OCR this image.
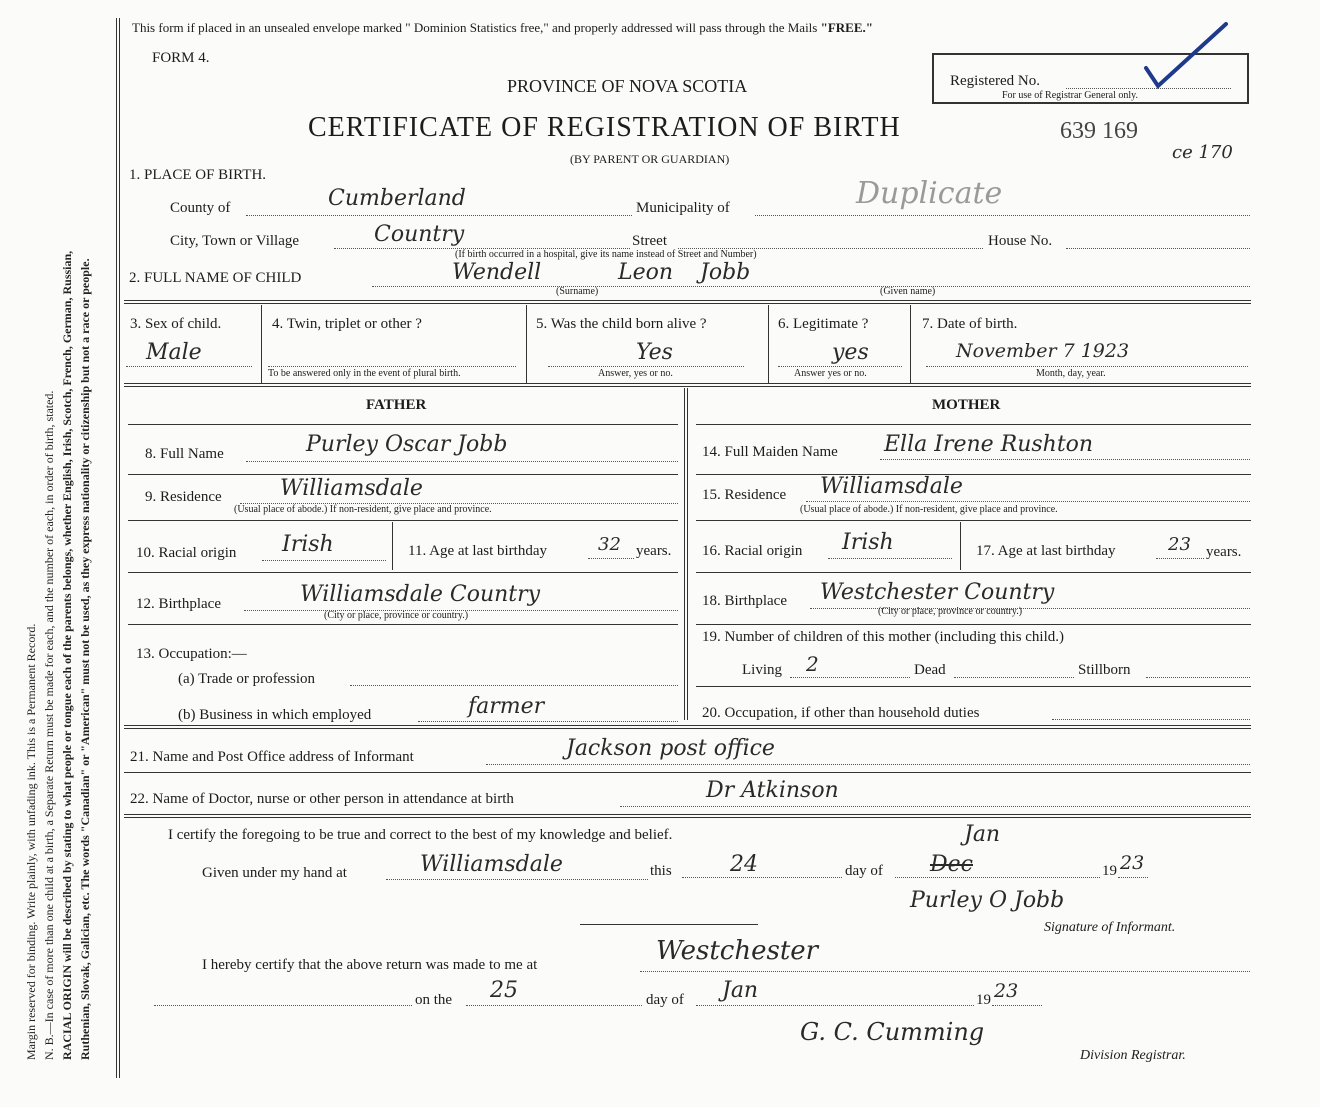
Margin reserved for binding. Write plainly, with unfading ink. This is a Permanent Record. N. B.—In case of more than one child at a birth, a Separate Return must be made for each, and the number of each, in order of birth, stated. RACIAL ORIGIN will be described by stating to what people or tongue each of the parents belongs, whether English, Irish, Scotch, French, German, Russian, Ruthenian, Slovak, Galician, etc. The words "Canadian" or "American" must not be used, as they express nationality or citizenship but not a race or people.
This form if placed in an unsealed envelope marked " Dominion Statistics free," and properly addressed will pass through the Mails "FREE."
FORM 4.
PROVINCE OF NOVA SCOTIA
CERTIFICATE OF REGISTRATION OF BIRTH	639 169
ce 170
(BY PARENT OR GUARDIAN)
Registered No.
For use of Registrar General only.
1. PLACE OF BIRTH.
County of	Cumberland	Municipality of	Duplicate
City, Town or Village	Country	Street
(If birth occurred in a hospital, give its name instead of Street and Number)
House No.
2. FULL NAME OF CHILD	Wendell	Leon Jobb
(Surname)	(Given name)
3. Sex of child.
Male
4. Twin, triplet or other ?
To be answered only in the event of plural birth.
5. Was the child born alive ?
Yes
Answer, yes or no.
6. Legitimate ?
yes
Answer yes or no.
7. Date of birth.
November 7 1923
Month, day, year.
FATHER	MOTHER
8. Full Name	Purley Oscar Jobb
9. Residence	Williamsdale
(Usual place of abode.) If non-resident, give place and province.
10. Racial origin Irish	11. Age at last birthday	32 years.
12. Birthplace	Williamsdale Country
(City or place, province or country.)
13. Occupation:—
(a) Trade or profession
(b) Business in which employed	farmer
14. Full Maiden Name Ella Irene Rushton
15. Residence Williamsdale
(Usual place of abode.) If non-resident, give place and province.
16. Racial origin Irish	17. Age at last birthday	23 years.
18. Birthplace Westchester Country
(City or place, province or country.)
19. Number of children of this mother (including this child.)
Living 2	Dead	Stillborn
20. Occupation, if other than household duties
21. Name and Post Office address of Informant	Jackson post office
22. Name of Doctor, nurse or other person in attendance at birth	Dr Atkinson
I certify the foregoing to be true and correct to the best of my knowledge and belief.
Given under my hand at	Williamsdale	this	24	day of Dec
Jan
19 23
Purley O Jobb
Signature of Informant.
I hereby certify that the above return was made to me at	Westchester
on the 25	day of Jan	19 23
G. C. Cumming
Division Registrar.
